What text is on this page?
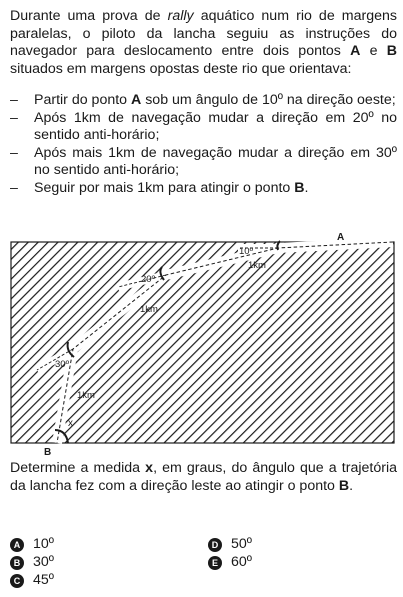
Durante uma prova de rally aquático num rio de margens paralelas, o piloto da lancha seguiu as instruções do navegador para deslocamento entre dois pontos A e B situados em margens opostas deste rio que orientava:

– Partir do ponto A sob um ângulo de 10º na direção oeste;
– Após 1km de navegação mudar a direção em 20º no sentido anti-horário;
– Após mais 1km de navegação mudar a direção em 30º no sentido anti-horário;
– Seguir por mais 1km para atingir o ponto B.
A
B
10º
1km
20º
1km
30º
1km
x

Determine a medida x, em graus, do ângulo que a trajetória da lancha fez com a direção leste ao atingir o ponto B.

A 10º
B 30º
C 45º
D 50º
E 60º
